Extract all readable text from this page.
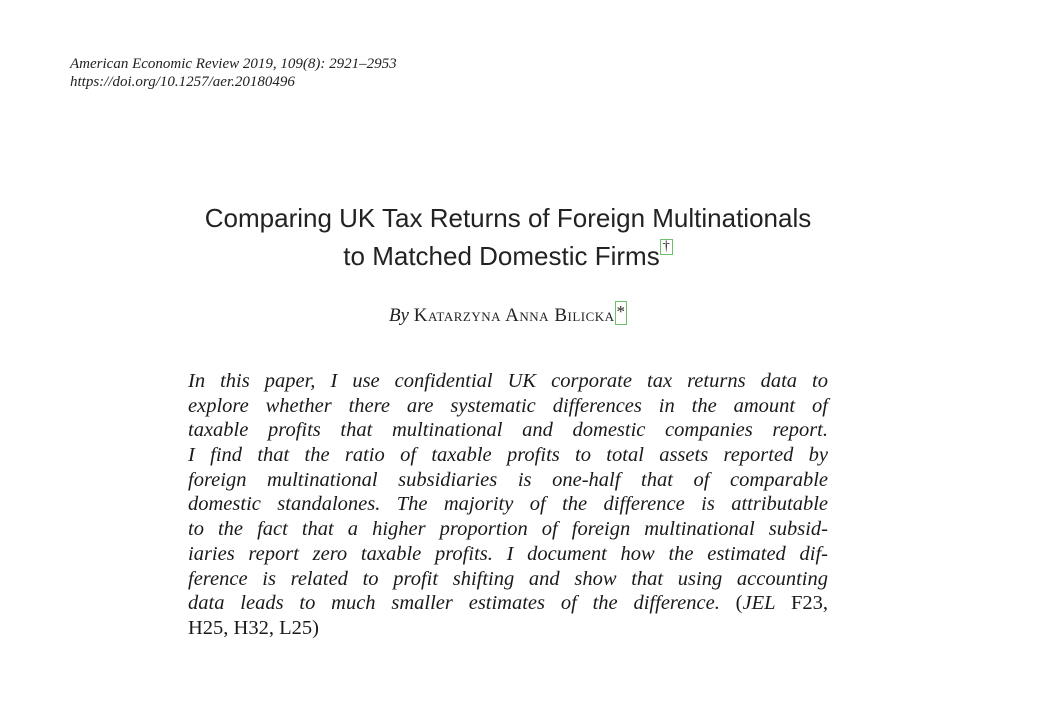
American Economic Review 2019, 109(8): 2921–2953
https://doi.org/10.1257/aer.20180496
Comparing UK Tax Returns of Foreign Multinationals
to Matched Domestic Firms †
By Katarzyna Anna Bilicka *
In this paper, I use confidential UK corporate tax returns data to
explore whether there are systematic differences in the amount of
taxable profits that multinational and domestic companies report.
I find that the ratio of taxable profits to total assets reported by
foreign multinational subsidiaries is one-half that of comparable
domestic standalones. The majority of the difference is attributable
to the fact that a higher proportion of foreign multinational subsid-
iaries report zero taxable profits. I document how the estimated dif-
ference is related to profit shifting and show that using accounting
data leads to much smaller estimates of the difference. (JEL F23,
H25, H32, L25)
